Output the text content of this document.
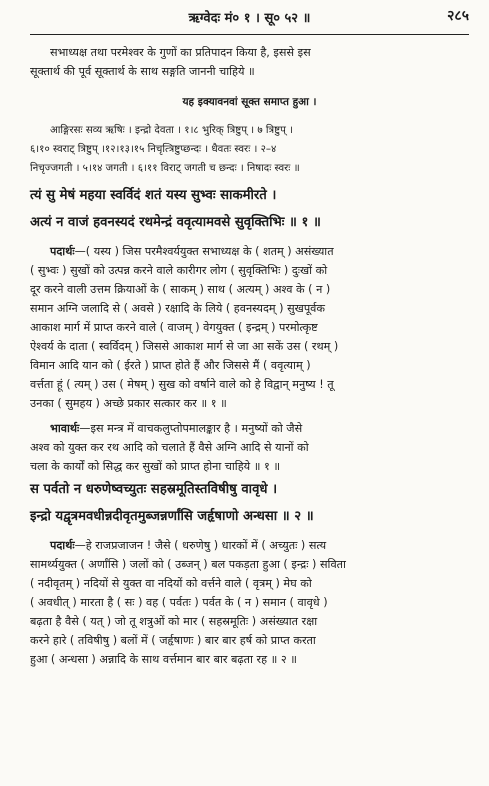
ऋग्वेदः मं० १ । सू० ५२ ॥	२८५

सभाध्यक्ष तथा परमेश्वर के गुणों का प्रतिपादन किया है, इससे इस

सूक्तार्थ की पूर्व सूक्तार्थ के साथ सङ्गति जाननी चाहिये ॥

यह इक्यावनवां सूक्त समाप्त हुआ ।

आङ्गिरसः सव्य ऋषिः । इन्द्रो देवता । १।८ भुरिक् त्रिष्टुप् । ७ त्रिष्टुप् ।

६।१० स्वराट् त्रिष्टुप् ।१२।१३।१५ निचृत्त्रिष्टुप्छन्दः । धैवतः स्वरः । २–४

निचृज्जगती । ५।१४ जगती । ६।११ विराट् जगती च छन्दः । निषादः स्वरः ॥

त्यं सु मेषं महया स्वर्विदं शतं यस्य सुभ्वः साकमीरते ।

अत्यं न वाजं हवनस्यदं रथमेन्द्रं ववृत्यामवसे सुवृक्तिभिः ॥ १ ॥

पदार्थः—( यस्य ) जिस परमैश्वर्ययुक्त सभाध्यक्ष के ( शतम् ) असंख्यात

( सुभ्वः ) सुखों को उत्पन्न करने वाले कारीगर लोग ( सुवृक्तिभिः ) दुःखों को

दूर करने वाली उत्तम क्रियाओं के ( साकम् ) साथ ( अत्यम् ) अश्व के ( न )

समान अग्नि जलादि से ( अवसे ) रक्षादि के लिये ( हवनस्यदम् ) सुखपूर्वक

आकाश मार्ग में प्राप्त करने वाले ( वाजम् ) वेगयुक्त ( इन्द्रम् ) परमोत्कृष्ट

ऐश्वर्य के दाता ( स्वर्विदम् ) जिससे आकाश मार्ग से जा आ सकें उस ( रथम् )

विमान आदि यान को ( ईरते ) प्राप्त होते हैं और जिससे मैं ( ववृत्याम् )

वर्त्तता हूं ( त्यम् ) उस ( मेषम् ) सुख को वर्षाने वाले को हे विद्वान् मनुष्य ! तू

उनका ( सुमहय ) अच्छे प्रकार सत्कार कर ॥ १ ॥

भावार्थः—इस मन्त्र में वाचकलुप्तोपमालङ्कार है । मनुष्यों को जैसे

अश्व को युक्त कर रथ आदि को चलाते हैं वैसे अग्नि आदि से यानों को

चला के कार्यों को सिद्ध कर सुखों को प्राप्त होना चाहिये ॥ १ ॥

स पर्वतो न धरुणेष्वच्युतः सहस्रमूतिस्तविषीषु वावृधे ।

इन्द्रो यद्वृत्रमवधीन्नदीवृतमुब्जन्नर्णांसि जर्हृषाणो अन्धसा ॥ २ ॥

पदार्थः—हे राजप्रजाजन ! जैसे ( धरुणेषु ) धारकों में ( अच्युतः ) सत्य

सामर्थ्ययुक्त ( अर्णांसि ) जलों को ( उब्जन् ) बल पकड़ता हुआ ( इन्द्रः ) सविता

( नदीवृतम् ) नदियों से युक्त वा नदियों को वर्त्तने वाले ( वृत्रम् ) मेघ को

( अवधीत् ) मारता है ( सः ) वह ( पर्वतः ) पर्वत के ( न ) समान ( वावृधे )

बढ़ता है वैसे ( यत् ) जो तू शत्रुओं को मार ( सहस्रमूतिः ) असंख्यात रक्षा

करने हारे ( तविषीषु ) बलों में ( जर्हृषाणः ) बार बार हर्ष को प्राप्त करता

हुआ ( अन्धसा ) अन्नादि के साथ वर्त्तमान बार बार बढ़ता रह ॥ २ ॥
